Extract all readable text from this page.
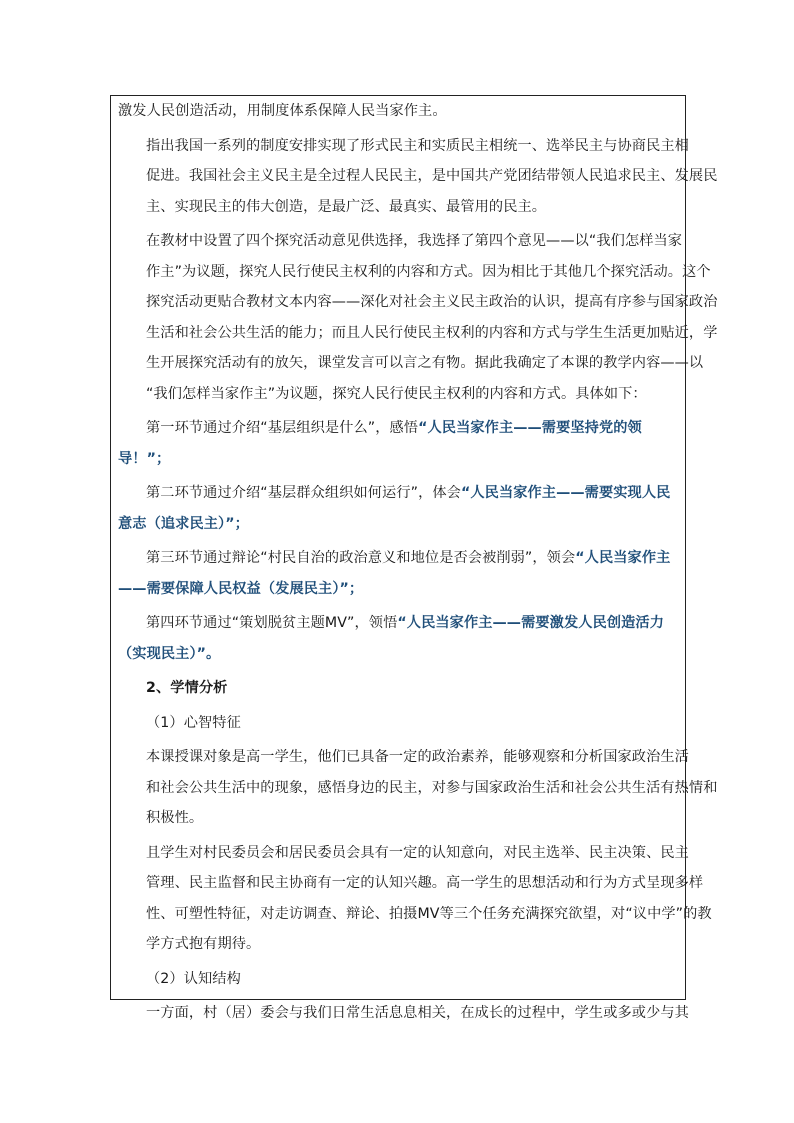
激发人民创造活动，用制度体系保障人民当家作主。

指出我国一系列的制度安排实现了形式民主和实质民主相统一、选举民主与协商民主相
促进。我国社会主义民主是全过程人民民主，是中国共产党团结带领人民追求民主、发展民
主、实现民主的伟大创造，是最广泛、最真实、最管用的民主。

在教材中设置了四个探究活动意见供选择，我选择了第四个意见——以“我们怎样当家
作主”为议题，探究人民行使民主权利的内容和方式。因为相比于其他几个探究活动。这个
探究活动更贴合教材文本内容——深化对社会主义民主政治的认识，提高有序参与国家政治
生活和社会公共生活的能力；而且人民行使民主权利的内容和方式与学生生活更加贴近，学
生开展探究活动有的放矢，课堂发言可以言之有物。据此我确定了本课的教学内容——以
“我们怎样当家作主”为议题，探究人民行使民主权利的内容和方式。具体如下：

第一环节通过介绍“基层组织是什么”，感悟“人民当家作主——需要坚持党的领
导！”；

第二环节通过介绍“基层群众组织如何运行”，体会“人民当家作主——需要实现人民
意志（追求民主）”；

第三环节通过辩论“村民自治的政治意义和地位是否会被削弱”，领会“人民当家作主
——需要保障人民权益（发展民主）”；

第四环节通过“策划脱贫主题MV”，领悟“人民当家作主——需要激发人民创造活力
（实现民主）”。

2、学情分析

（1）心智特征

本课授课对象是高一学生，他们已具备一定的政治素养，能够观察和分析国家政治生活
和社会公共生活中的现象，感悟身边的民主，对参与国家政治生活和社会公共生活有热情和
积极性。

且学生对村民委员会和居民委员会具有一定的认知意向，对民主选举、民主决策、民主
管理、民主监督和民主协商有一定的认知兴趣。高一学生的思想活动和行为方式呈现多样
性、可塑性特征，对走访调查、辩论、拍摄MV等三个任务充满探究欲望，对“议中学”的教
学方式抱有期待。

（2）认知结构

一方面，村（居）委会与我们日常生活息息相关，在成长的过程中，学生或多或少与其
